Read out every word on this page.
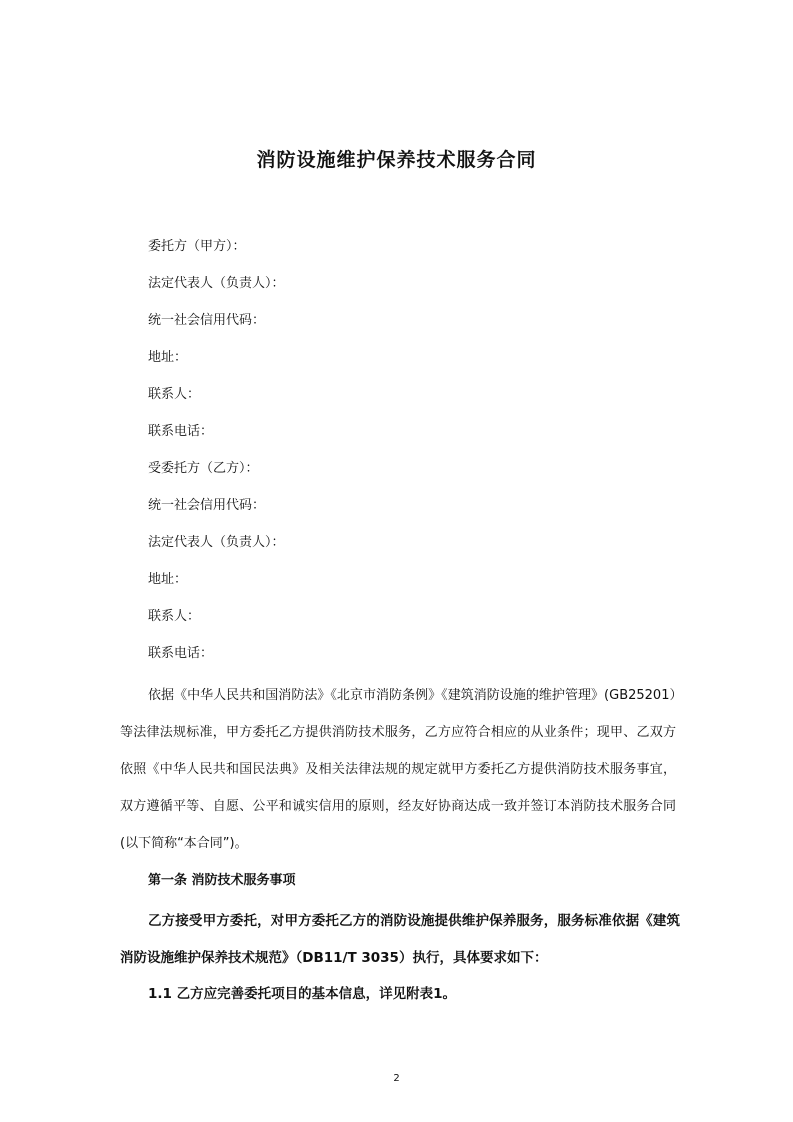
消防设施维护保养技术服务合同
委托方（甲方）：
法定代表人（负责人）：
统一社会信用代码：
地址：
联系人：
联系电话：
受委托方（乙方）：
统一社会信用代码：
法定代表人（负责人）：
地址：
联系人：
联系电话：

依据《中华人民共和国消防法》《北京市消防条例》《建筑消防设施的维护管理》(GB25201）等法律法规标准，甲方委托乙方提供消防技术服务，乙方应符合相应的从业条件；现甲、乙双方依照《中华人民共和国民法典》及相关法律法规的规定就甲方委托乙方提供消防技术服务事宜，双方遵循平等、自愿、公平和诚实信用的原则，经友好协商达成一致并签订本消防技术服务合同(以下简称“本合同”)。

第一条 消防技术服务事项

乙方接受甲方委托，对甲方委托乙方的消防设施提供维护保养服务，服务标准依据《建筑消防设施维护保养技术规范》（DB11/T 3035）执行，具体要求如下：

1.1 乙方应完善委托项目的基本信息，详见附表1。
2
